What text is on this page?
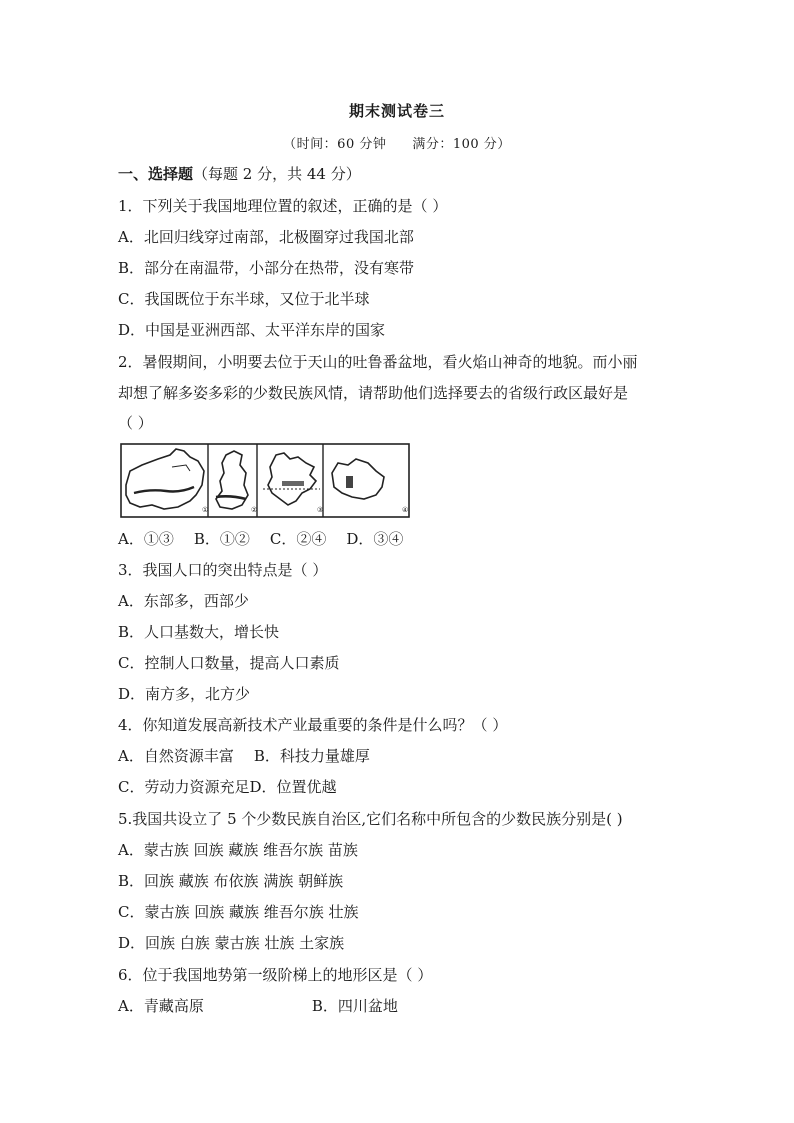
期末测试卷三
（时间：60 分钟 满分：100 分）
一、选择题（每题 2 分，共 44 分）
1．下列关于我国地理位置的叙述，正确的是（ ）
A．北回归线穿过南部，北极圈穿过我国北部
B．部分在南温带，小部分在热带，没有寒带
C．我国既位于东半球，又位于北半球
D．中国是亚洲西部、太平洋东岸的国家
2．暑假期间，小明要去位于天山的吐鲁番盆地，看火焰山神奇的地貌。而小丽
却想了解多姿多彩的少数民族风情，请帮助他们选择要去的省级行政区最好是
（ ）
①	②	③	④
A．①③ B．①② C．②④ D．③④
3．我国人口的突出特点是（ ）
A．东部多，西部少
B．人口基数大，增长快
C．控制人口数量，提高人口素质
D．南方多，北方少
4．你知道发展高新技术产业最重要的条件是什么吗？（ ）
A．自然资源丰富 B．科技力量雄厚
C．劳动力资源充足D．位置优越
5.我国共设立了 5 个少数民族自治区,它们名称中所包含的少数民族分别是( )
A．蒙古族 回族 藏族 维吾尔族 苗族
B．回族 藏族 布依族 满族 朝鲜族
C．蒙古族 回族 藏族 维吾尔族 壮族
D．回族 白族 蒙古族 壮族 土家族
6．位于我国地势第一级阶梯上的地形区是（ ）
A．青藏高原	B．四川盆地
